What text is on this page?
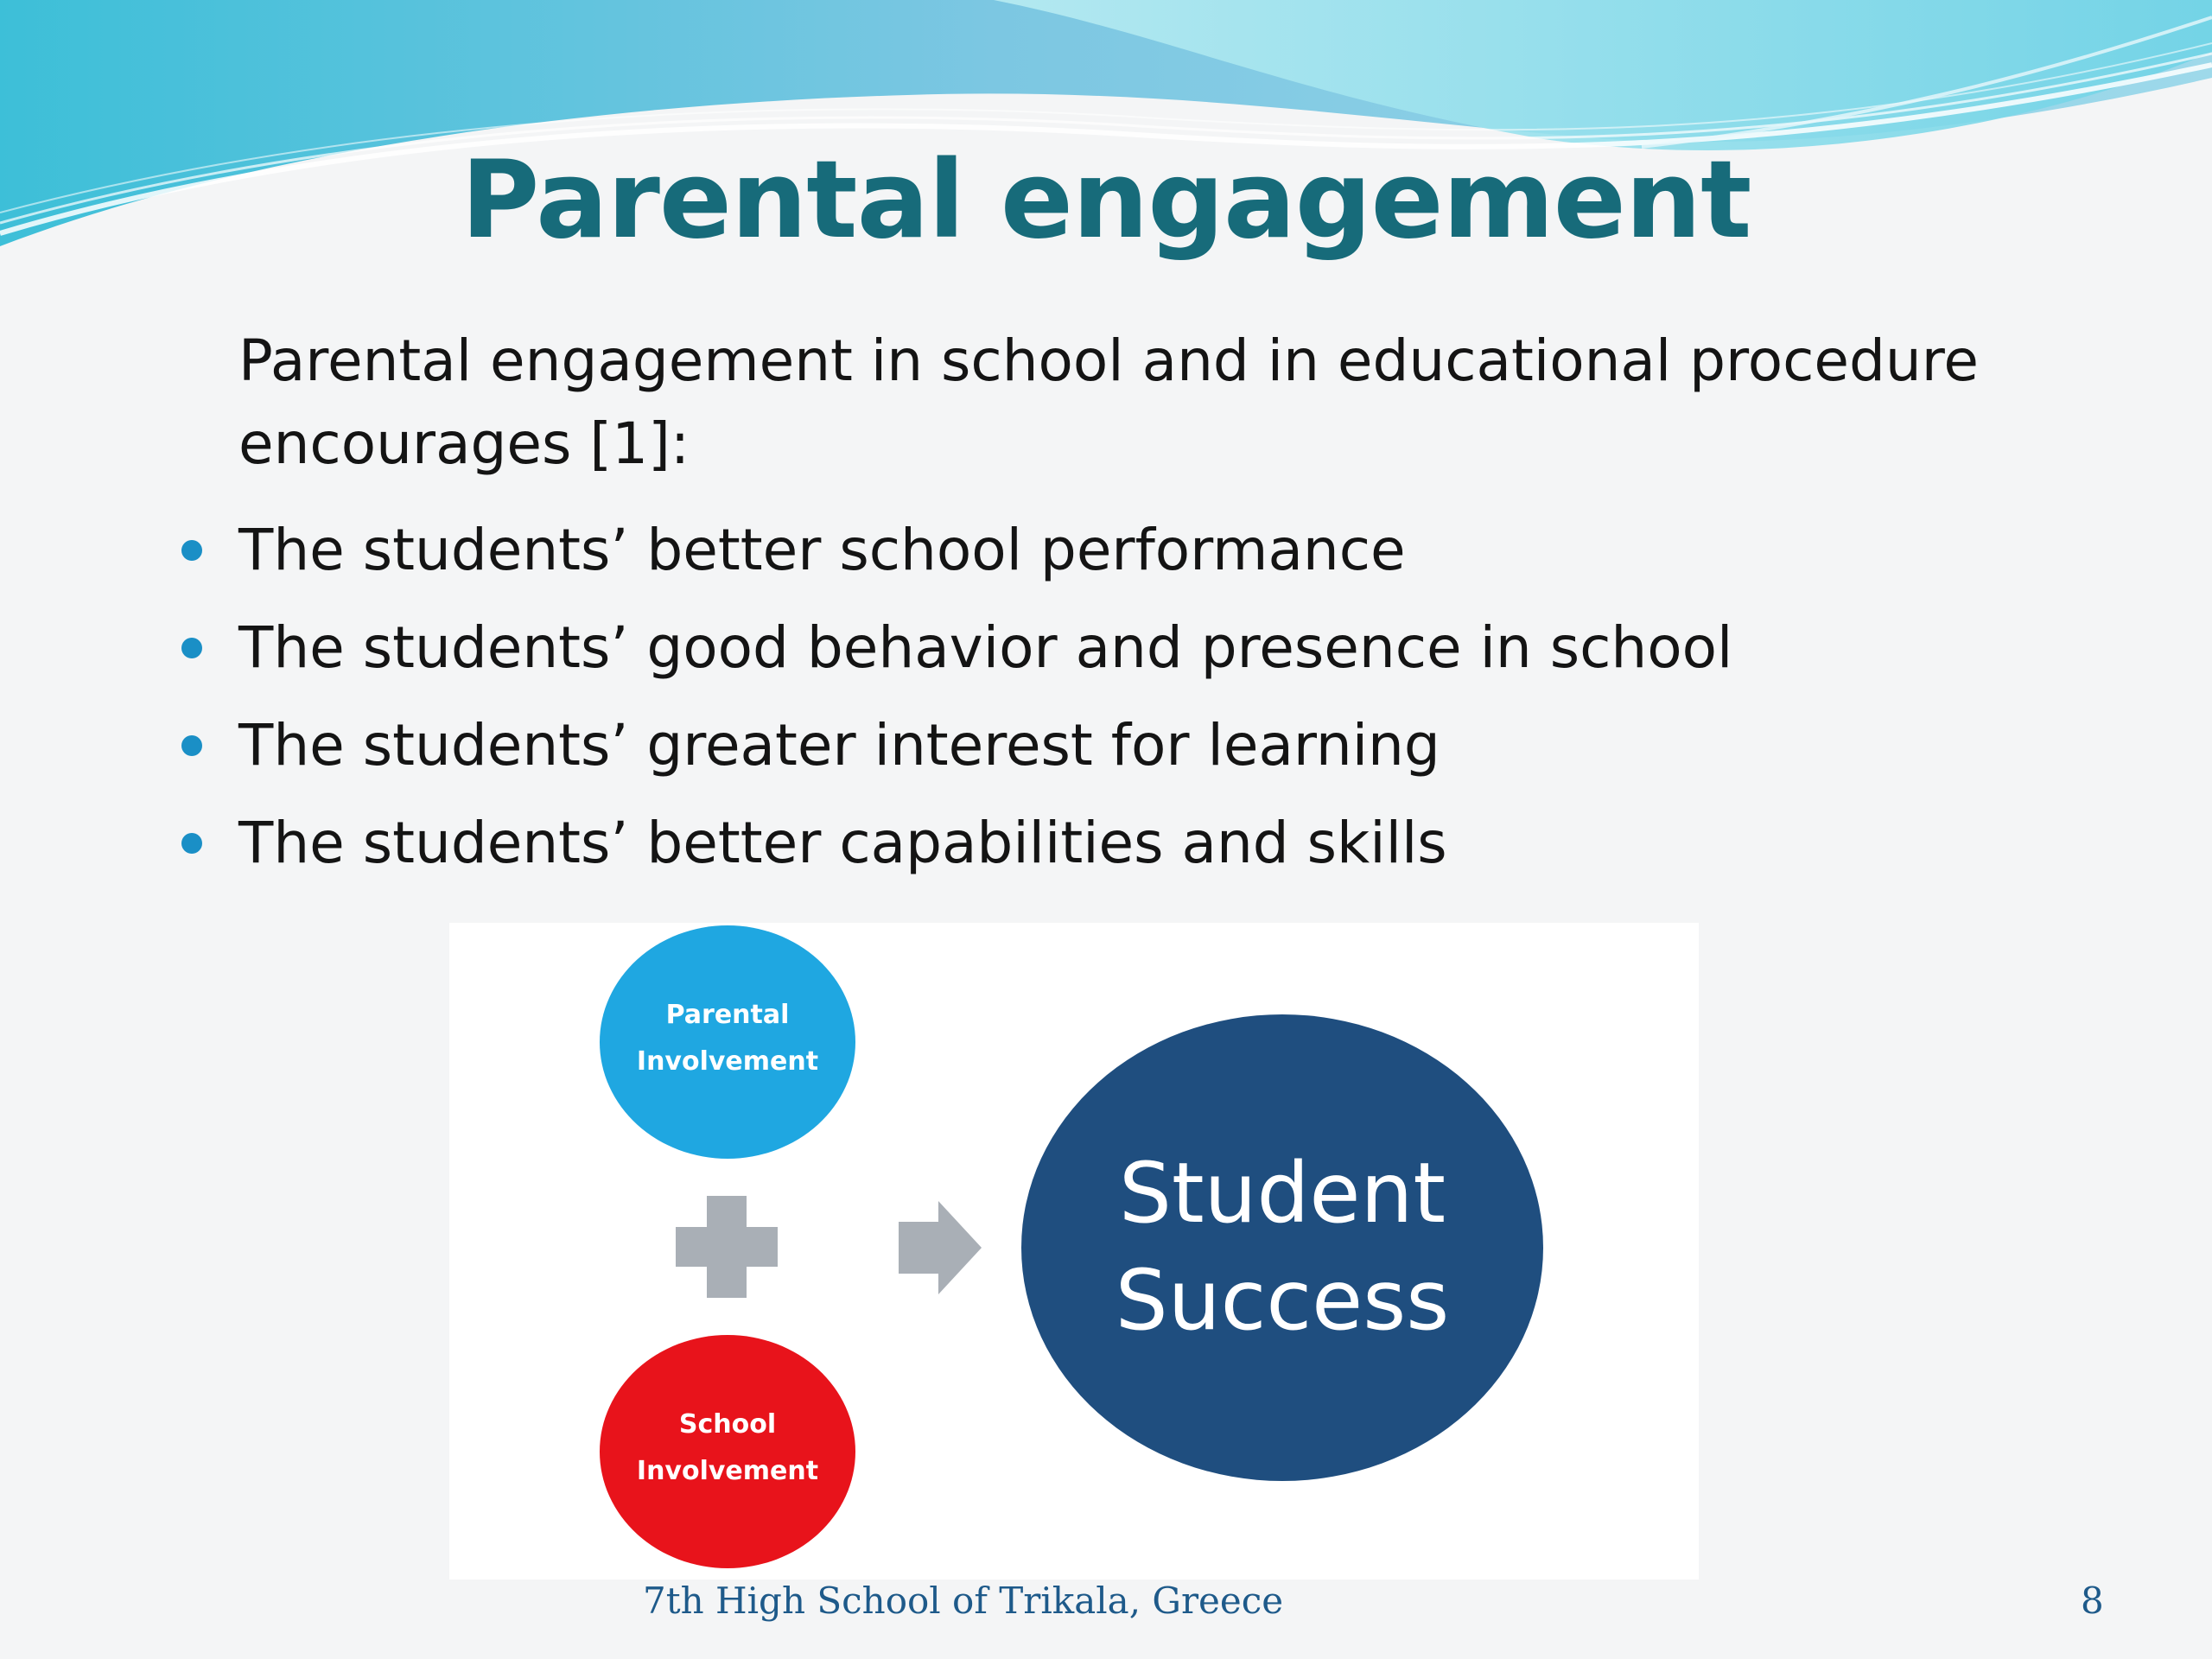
Parental engagement
Parental engagement in school and in educational procedure encourages [1]:
The students’ better school performance
The students’ good behavior and presence in school
The students’ greater interest for learning
The students’ better capabilities and skills
Parental
Involvement
School
Involvement
Student
Success
7th High School of Trikala, Greece	8
